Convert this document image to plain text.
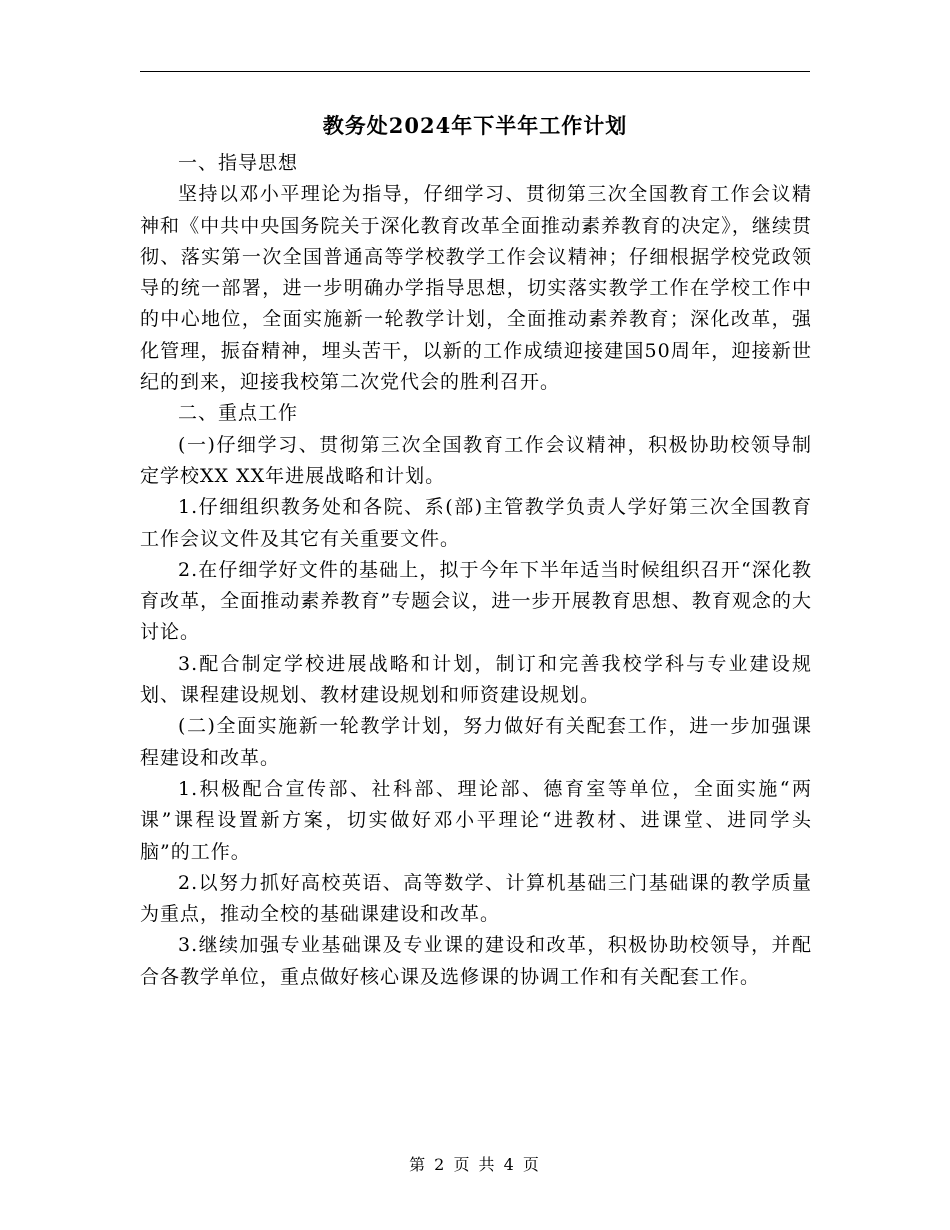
教务处2024年下半年工作计划

一、指导思想

坚持以邓小平理论为指导，仔细学习、贯彻第三次全国教育工作会议精神和《中共中央国务院关于深化教育改革全面推动素养教育的决定》，继续贯彻、落实第一次全国普通高等学校教学工作会议精神；仔细根据学校党政领导的统一部署，进一步明确办学指导思想，切实落实教学工作在学校工作中的中心地位，全面实施新一轮教学计划，全面推动素养教育；深化改革，强化管理，振奋精神，埋头苦干，以新的工作成绩迎接建国50周年，迎接新世纪的到来，迎接我校第二次党代会的胜利召开。

二、重点工作

(一)仔细学习、贯彻第三次全国教育工作会议精神，积极协助校领导制定学校XX XX年进展战略和计划。

1.仔细组织教务处和各院、系(部)主管教学负责人学好第三次全国教育工作会议文件及其它有关重要文件。

2.在仔细学好文件的基础上，拟于今年下半年适当时候组织召开“深化教育改革，全面推动素养教育”专题会议，进一步开展教育思想、教育观念的大讨论。

3.配合制定学校进展战略和计划，制订和完善我校学科与专业建设规划、课程建设规划、教材建设规划和师资建设规划。

(二)全面实施新一轮教学计划，努力做好有关配套工作，进一步加强课程建设和改革。

1.积极配合宣传部、社科部、理论部、德育室等单位，全面实施“两课”课程设置新方案，切实做好邓小平理论“进教材、进课堂、进同学头脑”的工作。

2.以努力抓好高校英语、高等数学、计算机基础三门基础课的教学质量为重点，推动全校的基础课建设和改革。

3.继续加强专业基础课及专业课的建设和改革，积极协助校领导，并配合各教学单位，重点做好核心课及选修课的协调工作和有关配套工作。

第 2 页 共 4 页
